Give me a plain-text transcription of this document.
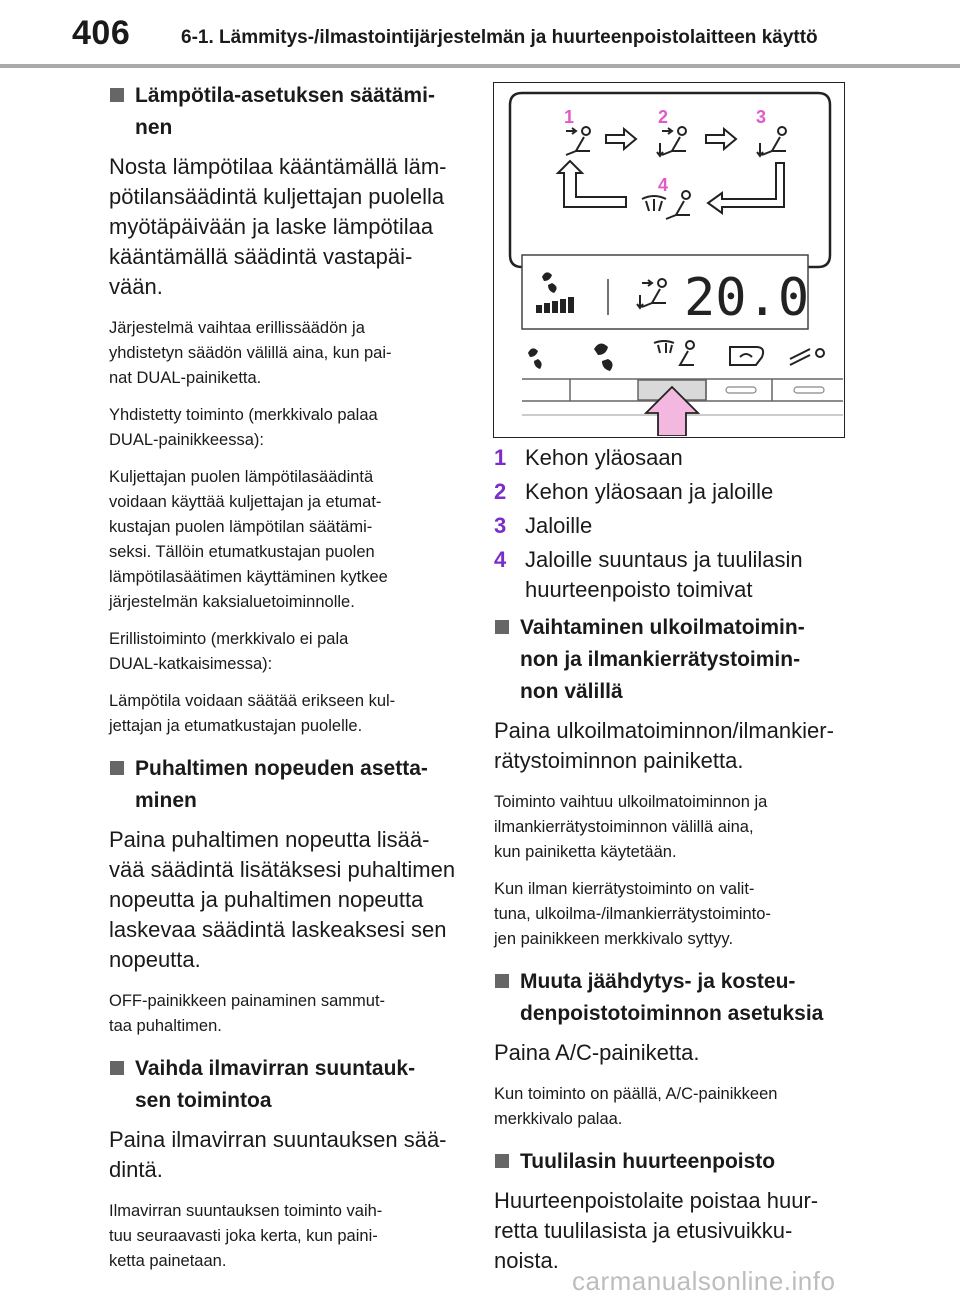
406	6-1. Lämmitys-/ilmastointijärjestelmän ja huurteenpoistolaitteen käyttö
Lämpötila-asetuksen säätämi-
nen

Nosta lämpötilaa kääntämällä läm-
pötilansäädintä kuljettajan puolella
myötäpäivään ja laske lämpötilaa
kääntämällä säädintä vastapäi-
vään.

Järjestelmä vaihtaa erillissäädön ja
yhdistetyn säädön välillä aina, kun pai-
nat DUAL-painiketta.

Yhdistetty toiminto (merkkivalo palaa
DUAL-painikkeessa):

Kuljettajan puolen lämpötilasäädintä
voidaan käyttää kuljettajan ja etumat-
kustajan puolen lämpötilan säätämi-
seksi. Tällöin etumatkustajan puolen
lämpötilasäätimen käyttäminen kytkee
järjestelmän kaksialuetoiminnolle.

Erillistoiminto (merkkivalo ei pala
DUAL-katkaisimessa):

Lämpötila voidaan säätää erikseen kul-
jettajan ja etumatkustajan puolelle.

Puhaltimen nopeuden asetta-
minen

Paina puhaltimen nopeutta lisää-
vää säädintä lisätäksesi puhaltimen
nopeutta ja puhaltimen nopeutta
laskevaa säädintä laskeaksesi sen
nopeutta.

OFF-painikkeen painaminen sammut-
taa puhaltimen.

Vaihda ilmavirran suuntauk-
sen toimintoa

Paina ilmavirran suuntauksen sää-
dintä.

Ilmavirran suuntauksen toiminto vaih-
tuu seuraavasti joka kerta, kun paini-
ketta painetaan.

1	2	3
4
20.0
1 Kehon yläosaan
2 Kehon yläosaan ja jaloille
3 Jaloille
4 Jaloille suuntaus ja tuulilasin
huurteenpoisto toimivat
Vaihtaminen ulkoilmatoimin-
non ja ilmankierrätystoimin-
non välillä

Paina ulkoilmatoiminnon/ilmankier-
rätystoiminnon painiketta.

Toiminto vaihtuu ulkoilmatoiminnon ja
ilmankierrätystoiminnon välillä aina,
kun painiketta käytetään.

Kun ilman kierrätystoiminto on valit-
tuna, ulkoilma-/ilmankierrätystoiminto-
jen painikkeen merkkivalo syttyy.

Muuta jäähdytys- ja kosteu-
denpoistotoiminnon asetuksia

Paina A/C-painiketta.

Kun toiminto on päällä, A/C-painikkeen
merkkivalo palaa.

Tuulilasin huurteenpoisto

Huurteenpoistolaite poistaa huur-
retta tuulilasista ja etusivuikku-
noista.

carmanualsonline.info
